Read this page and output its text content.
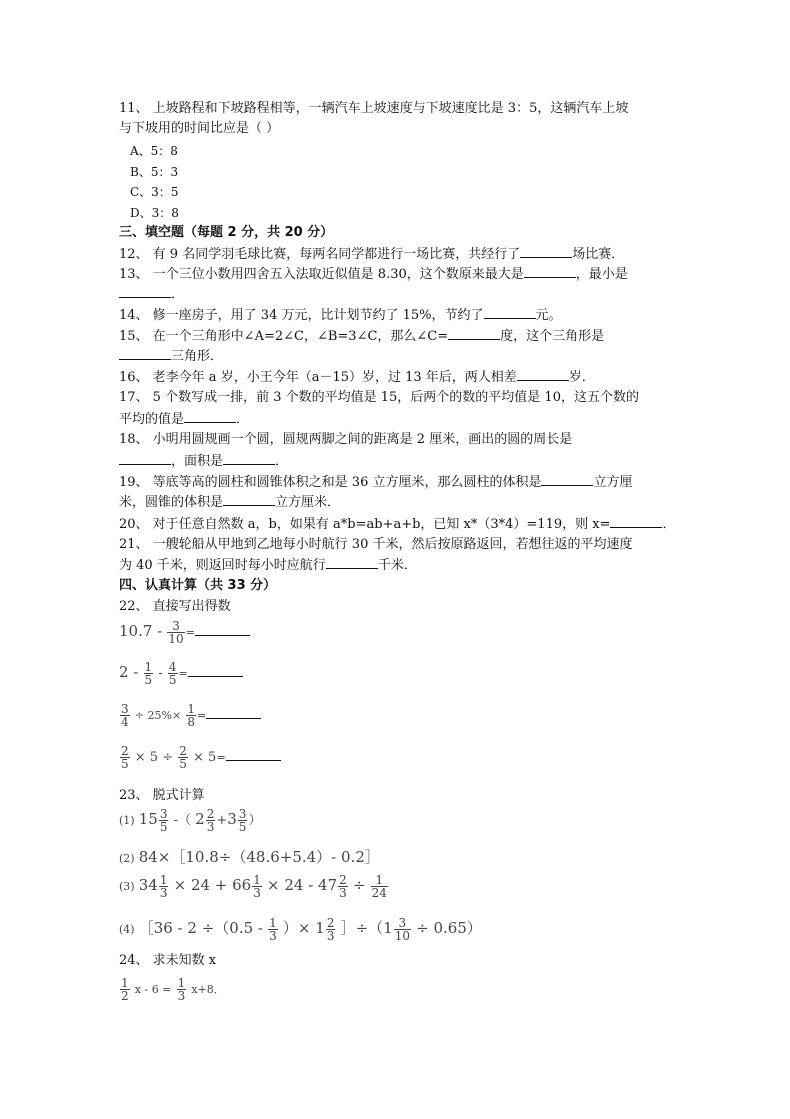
11、 上坡路程和下坡路程相等，一辆汽车上坡速度与下坡速度比是 3：5，这辆汽车上坡
与下坡用的时间比应是（ ）
A、5：8
B、5：3
C、3：5
D、3：8
三、填空题（每题 2 分，共 20 分）
12、 有 9 名同学羽毛球比赛，每两名同学都进行一场比赛，共经行了	场比赛．
13、 一个三位小数用四舍五入法取近似值是 8.30，这个数原来最大是	，最小是
．
14、 修一座房子，用了 34 万元，比计划节约了 15%，节约了	元。
15、 在一个三角形中∠A=2∠C，∠B=3∠C，那么∠C=	度，这个三角形是
三角形．
16、 老李今年 a 岁，小王今年（a－15）岁，过 13 年后，两人相差	岁．
17、 5 个数写成一排，前 3 个数的平均值是 15，后两个的数的平均值是 10，这五个数的
平均的值是	．
18、 小明用圆规画一个圆，圆规两脚之间的距离是 2 厘米，画出的圆的周长是
，面积是	．
19、 等底等高的圆柱和圆锥体积之和是 36 立方厘米，那么圆柱的体积是	立方厘
米，圆锥的体积是	立方厘米．
20、 对于任意自然数 a，b，如果有 a*b=ab+a+b，已知 x*（3*4）=119，则 x=	．
21、 一艘轮船从甲地到乙地每小时航行 30 千米，然后按原路返回，若想往返的平均速度
为 40 千米，则返回时每小时应航行	千米．
四、认真计算（共 33 分）
22、 直接写出得数
$10.7 - \frac{3}{10}$ =
$2 - \frac{1}{5} - \frac{4}{5}$ =
$\frac{3}{4} \div 25\%\times \frac{1}{8}$ =
$\frac{2}{5} \times 5 \div \frac{2}{5} \times 5=$
23、 脱式计算
(1) $15 \frac{3}{5}$ -（ $2 \frac{2}{3} +3 \frac{3}{5}$ ）
(2) 84×［10.8÷（48.6+5.4）- 0.2］
(3) $34 \frac{1}{3} \times 24 + 66 \frac{1}{3} \times 24 - 47 \frac{2}{3} \div \frac{1}{24}$
(4) ［36 - $2 \div(0.5 - \frac{1}{3}$ ）× $1 \frac{2}{3}$ ］÷（1 $\frac{3}{10} \div 0.65$）
24、 求未知数 x
$\frac{1}{2}$ $x - 6 = \frac{1}{3} x+8$．
